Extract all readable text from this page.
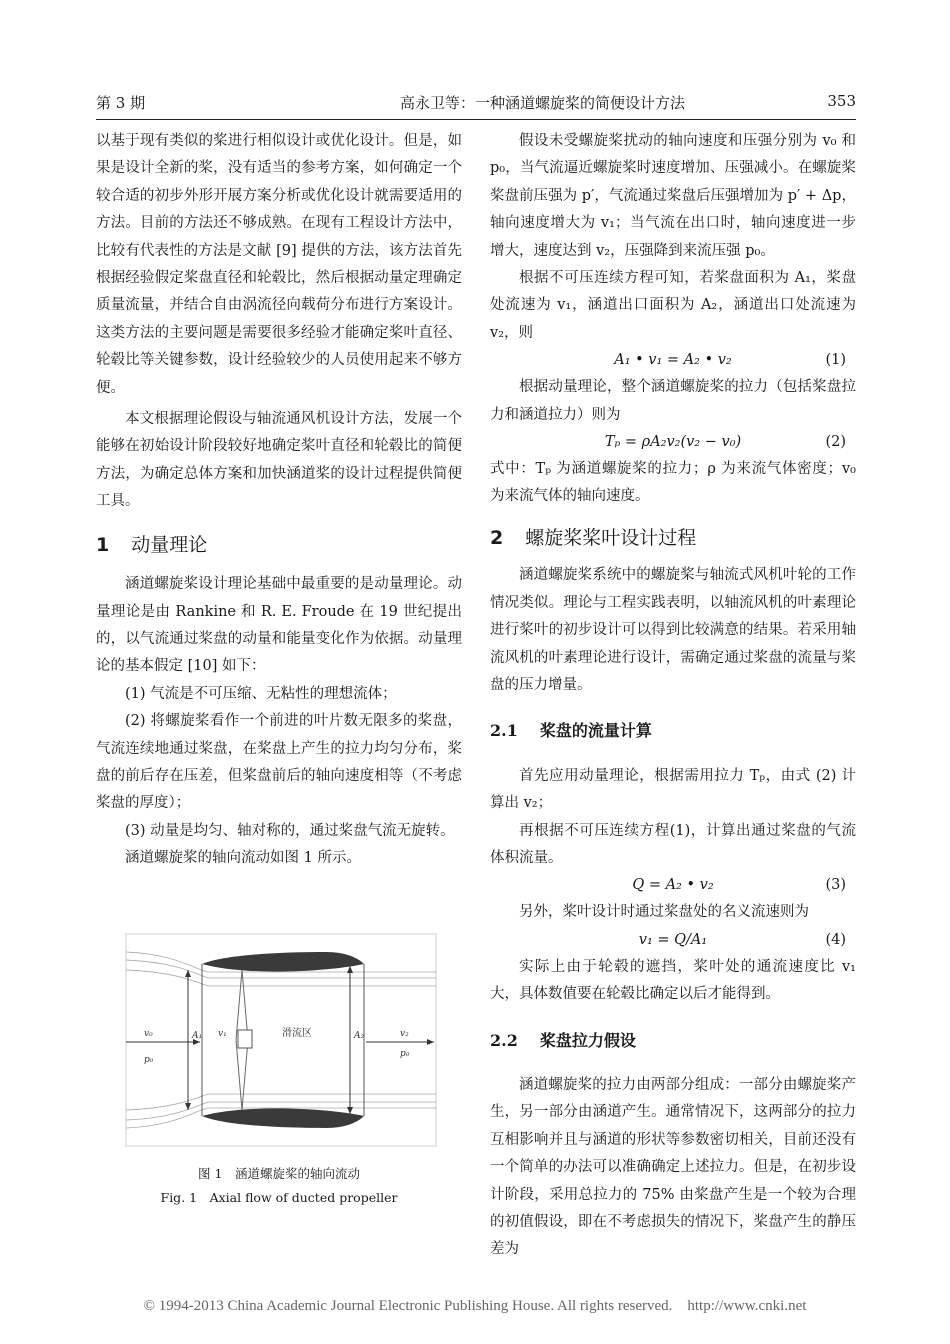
第 3 期	高永卫等：一种涵道螺旋桨的简便设计方法	353

以基于现有类似的桨进行相似设计或优化设计。但是，如果是设计全新的桨，没有适当的参考方案，如何确定一个较合适的初步外形开展方案分析或优化设计就需要适用的方法。目前的方法还不够成熟。在现有工程设计方法中，比较有代表性的方法是文献 [9] 提供的方法，该方法首先根据经验假定桨盘直径和轮毂比，然后根据动量定理确定质量流量，并结合自由涡流径向载荷分布进行方案设计。这类方法的主要问题是需要很多经验才能确定桨叶直径、轮毂比等关键参数，设计经验较少的人员使用起来不够方便。

本文根据理论假设与轴流通风机设计方法，发展一个能够在初始设计阶段较好地确定桨叶直径和轮毂比的简便方法，为确定总体方案和加快涵道桨的设计过程提供简便工具。

1 动量理论

涵道螺旋桨设计理论基础中最重要的是动量理论。动量理论是由 Rankine 和 R. E. Froude 在 19 世纪提出的，以气流通过桨盘的动量和能量变化作为依据。动量理论的基本假定 [10] 如下：

(1) 气流是不可压缩、无粘性的理想流体；

(2) 将螺旋桨看作一个前进的叶片数无限多的桨盘，气流连续地通过桨盘，在桨盘上产生的拉力均匀分布，桨盘的前后存在压差，但桨盘前后的轴向速度相等（不考虑桨盘的厚度）；

(3) 动量是均匀、轴对称的，通过桨盘气流无旋转。

涵道螺旋桨的轴向流动如图 1 所示。

v₀
p₀
A₁ v₁	滑流区	A₂	v₂
p₀
图 1　涵道螺旋桨的轴向流动
Fig. 1　Axial flow of ducted propeller

假设未受螺旋桨扰动的轴向速度和压强分别为 v₀ 和 p₀，当气流逼近螺旋桨时速度增加、压强减小。在螺旋桨桨盘前压强为 p′，气流通过桨盘后压强增加为 p′ + Δp，轴向速度增大为 v₁；当气流在出口时，轴向速度进一步增大，速度达到 v₂，压强降到来流压强 p₀。

根据不可压连续方程可知，若桨盘面积为 A₁，桨盘处流速为 v₁，涵道出口面积为 A₂，涵道出口处流速为 v₂，则

A₁ • v₁ = A₂ • v₂	(1)

根据动量理论，整个涵道螺旋桨的拉力（包括桨盘拉力和涵道拉力）则为

Tₚ = ρA₂v₂(v₂ − v₀)	(2)

式中：Tₚ 为涵道螺旋桨的拉力；ρ 为来流气体密度；v₀ 为来流气体的轴向速度。

2 螺旋桨桨叶设计过程

涵道螺旋桨系统中的螺旋桨与轴流式风机叶轮的工作情况类似。理论与工程实践表明，以轴流风机的叶素理论进行桨叶的初步设计可以得到比较满意的结果。若采用轴流风机的叶素理论进行设计，需确定通过桨盘的流量与桨盘的压力增量。

2.1 桨盘的流量计算

首先应用动量理论，根据需用拉力 Tₚ，由式 (2) 计算出 v₂；

再根据不可压连续方程(1)，计算出通过桨盘的气流体积流量。

Q = A₂ • v₂	(3)

另外，桨叶设计时通过桨盘处的名义流速则为

v₁ = Q/A₁	(4)

实际上由于轮毂的遮挡，桨叶处的通流速度比 v₁ 大，具体数值要在轮毂比确定以后才能得到。

2.2 桨盘拉力假设

涵道螺旋桨的拉力由两部分组成：一部分由螺旋桨产生，另一部分由涵道产生。通常情况下，这两部分的拉力互相影响并且与涵道的形状等参数密切相关，目前还没有一个简单的办法可以准确确定上述拉力。但是，在初步设计阶段，采用总拉力的 75% 由桨盘产生是一个较为合理的初值假设，即在不考虑损失的情况下，桨盘产生的静压差为

© 1994-2013 China Academic Journal Electronic Publishing House. All rights reserved.　http://www.cnki.net
